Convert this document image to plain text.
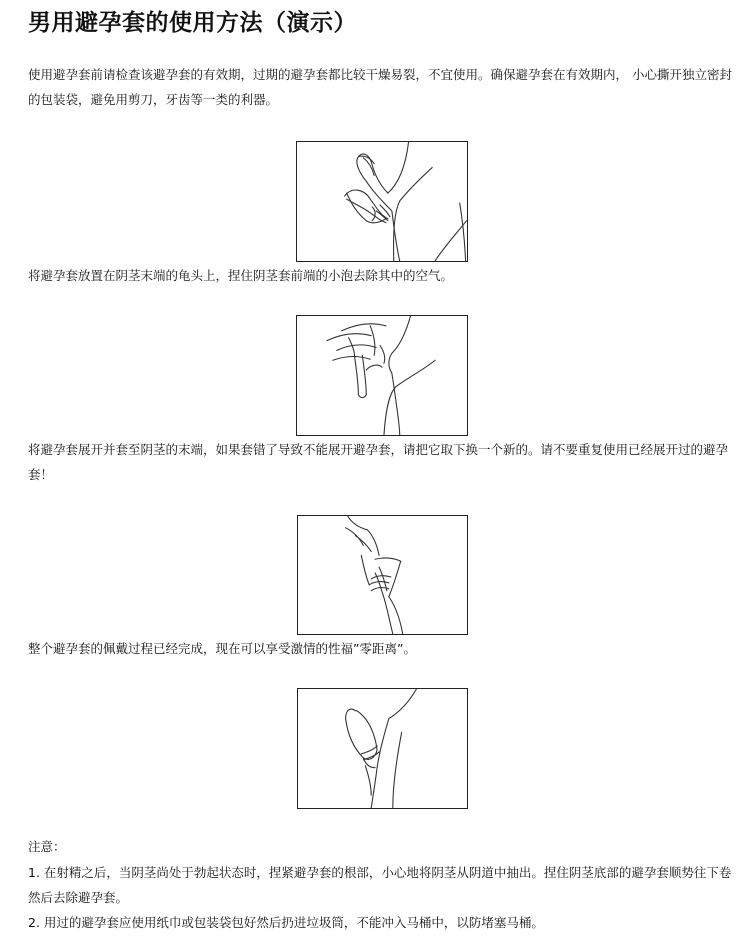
男用避孕套的使用方法（演示）
使用避孕套前请检查该避孕套的有效期，过期的避孕套都比较干燥易裂，不宜使用。确保避孕套在有效期内， 小心撕开独立密封的包装袋，避免用剪刀，牙齿等一类的利器。
将避孕套放置在阴茎末端的龟头上，捏住阴茎套前端的小泡去除其中的空气。
将避孕套展开并套至阴茎的末端，如果套错了导致不能展开避孕套，请把它取下换一个新的。请不要重复使用已经展开过的避孕套！
整个避孕套的佩戴过程已经完成，现在可以享受激情的性福”零距离”。
注意：
1. 在射精之后，当阴茎尚处于勃起状态时，捏紧避孕套的根部，小心地将阴茎从阴道中抽出。捏住阴茎底部的避孕套顺势往下卷然后去除避孕套。
2. 用过的避孕套应使用纸巾或包装袋包好然后扔进垃圾筒，不能冲入马桶中，以防堵塞马桶。
